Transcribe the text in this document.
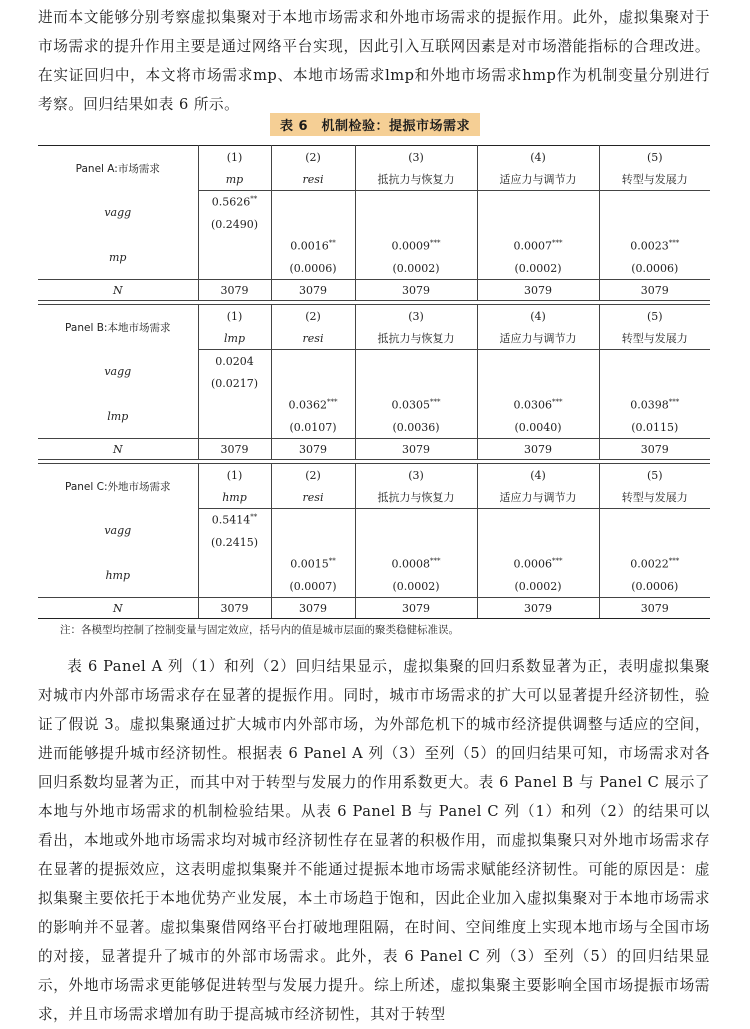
进而本文能够分别考察虚拟集聚对于本地市场需求和外地市场需求的提振作用。此外，虚拟集聚对于市场需求的提升作用主要是通过网络平台实现，因此引入互联网因素是对市场潜能指标的合理改进。在实证回归中，本文将市场需求mp、本地市场需求lmp和外地市场需求hmp作为机制变量分别进行考察。回归结果如表 6 所示。

表 6　机制检验：提振市场需求
Panel A:市场需求	(1)	(2)	(3)	(4)	(5)
	mp	resi	抵抗力与恢复力	适应力与调节力	转型与发展力
vagg	0.5626**				
	(0.2490)				
mp		0.0016**	0.0009***	0.0007***	0.0023***
		(0.0006)	(0.0002)	(0.0002)	(0.0006)
N	3079	3079	3079	3079	3079

Panel B:本地市场需求	(1)	(2)	(3)	(4)	(5)
	lmp	resi	抵抗力与恢复力	适应力与调节力	转型与发展力
vagg	0.0204				
	(0.0217)				
lmp		0.0362***	0.0305***	0.0306***	0.0398***
		(0.0107)	(0.0036)	(0.0040)	(0.0115)
N	3079	3079	3079	3079	3079

Panel C:外地市场需求	(1)	(2)	(3)	(4)	(5)
	hmp	resi	抵抗力与恢复力	适应力与调节力	转型与发展力
vagg	0.5414**				
	(0.2415)				
hmp		0.0015**	0.0008***	0.0006***	0.0022***
		(0.0007)	(0.0002)	(0.0002)	(0.0006)
N	3079	3079	3079	3079	3079
注：各模型均控制了控制变量与固定效应，括号内的值是城市层面的聚类稳健标准误。

表 6 Panel A 列（1）和列（2）回归结果显示，虚拟集聚的回归系数显著为正，表明虚拟集聚对城市内外部市场需求存在显著的提振作用。同时，城市市场需求的扩大可以显著提升经济韧性，验证了假说 3。虚拟集聚通过扩大城市内外部市场，为外部危机下的城市经济提供调整与适应的空间，进而能够提升城市经济韧性。根据表 6 Panel A 列（3）至列（5）的回归结果可知，市场需求对各回归系数均显著为正，而其中对于转型与发展力的作用系数更大。表 6 Panel B 与 Panel C 展示了本地与外地市场需求的机制检验结果。从表 6 Panel B 与 Panel C 列（1）和列（2）的结果可以看出，本地或外地市场需求均对城市经济韧性存在显著的积极作用，而虚拟集聚只对外地市场需求存在显著的提振效应，这表明虚拟集聚并不能通过提振本地市场需求赋能经济韧性。可能的原因是：虚拟集聚主要依托于本地优势产业发展，本土市场趋于饱和，因此企业加入虚拟集聚对于本地市场需求的影响并不显著。虚拟集聚借网络平台打破地理阻隔，在时间、空间维度上实现本地市场与全国市场的对接，显著提升了城市的外部市场需求。此外，表 6 Panel C 列（3）至列（5）的回归结果显示，外地市场需求更能够促进转型与发展力提升。综上所述，虚拟集聚主要影响全国市场提振市场需求，并且市场需求增加有助于提高城市经济韧性，其对于转型
